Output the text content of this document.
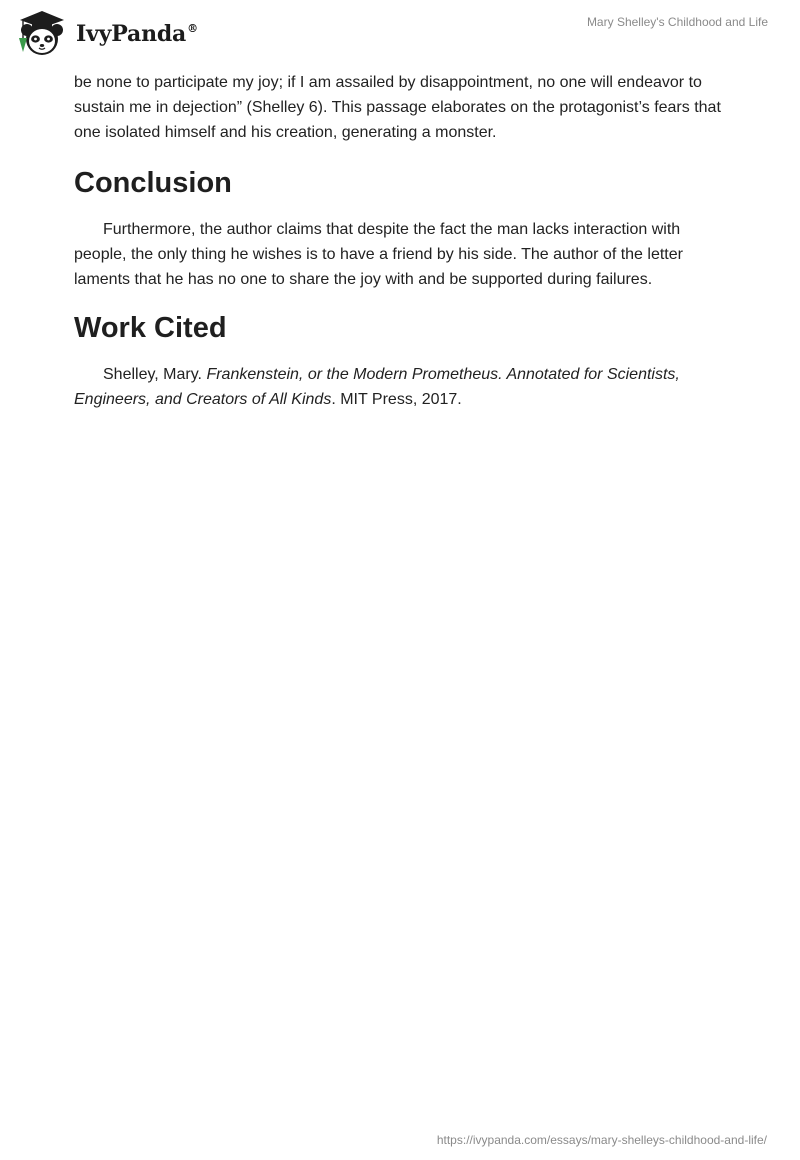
IvyPanda®	Mary Shelley's Childhood and Life

be none to participate my joy; if I am assailed by disappointment, no one will endeavor to sustain me in dejection” (Shelley 6). This passage elaborates on the protagonist’s fears that one isolated himself and his creation, generating a monster.

Conclusion

Furthermore, the author claims that despite the fact the man lacks interaction with people, the only thing he wishes is to have a friend by his side. The author of the letter laments that he has no one to share the joy with and be supported during failures.

Work Cited

Shelley, Mary. Frankenstein, or the Modern Prometheus. Annotated for Scientists, Engineers, and Creators of All Kinds. MIT Press, 2017.

https://ivypanda.com/essays/mary-shelleys-childhood-and-life/
